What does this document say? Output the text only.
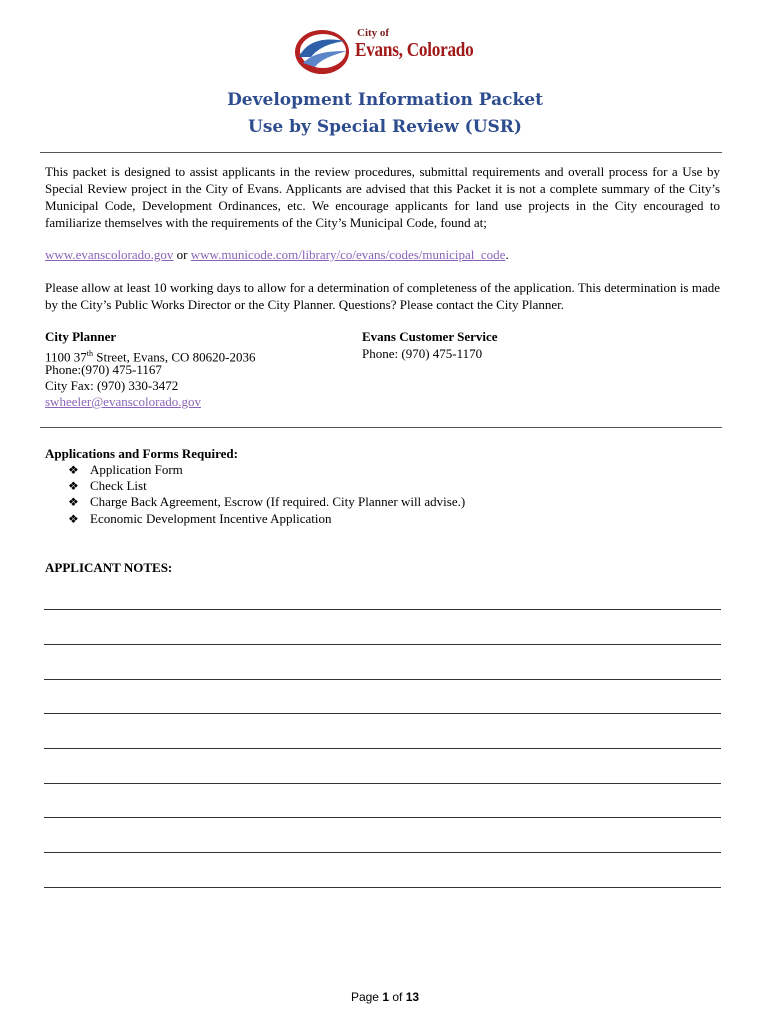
City of
Evans, Colorado
Development Information Packet
Use by Special Review (USR)
This packet is designed to assist applicants in the review procedures, submittal requirements and overall process for a Use by Special Review project in the City of Evans. Applicants are advised that this Packet it is not a complete summary of the City’s Municipal Code, Development Ordinances, etc. We encourage applicants for land use projects in the City encouraged to familiarize themselves with the requirements of the City’s Municipal Code, found at;
www.evanscolorado.gov or www.municode.com/library/co/evans/codes/municipal_code.
Please allow at least 10 working days to allow for a determination of completeness of the application. This determination is made by the City’s Public Works Director or the City Planner. Questions? Please contact the City Planner.
City Planner
1100 37th Street, Evans, CO 80620-2036
Phone:(970) 475-1167
City Fax: (970) 330-3472
swheeler@evanscolorado.gov
Evans Customer Service
Phone: (970) 475-1170
Applications and Forms Required:
❖ Application Form
❖ Check List
❖ Charge Back Agreement, Escrow (If required. City Planner will advise.)
❖ Economic Development Incentive Application
APPLICANT NOTES:
Page 1 of 13
